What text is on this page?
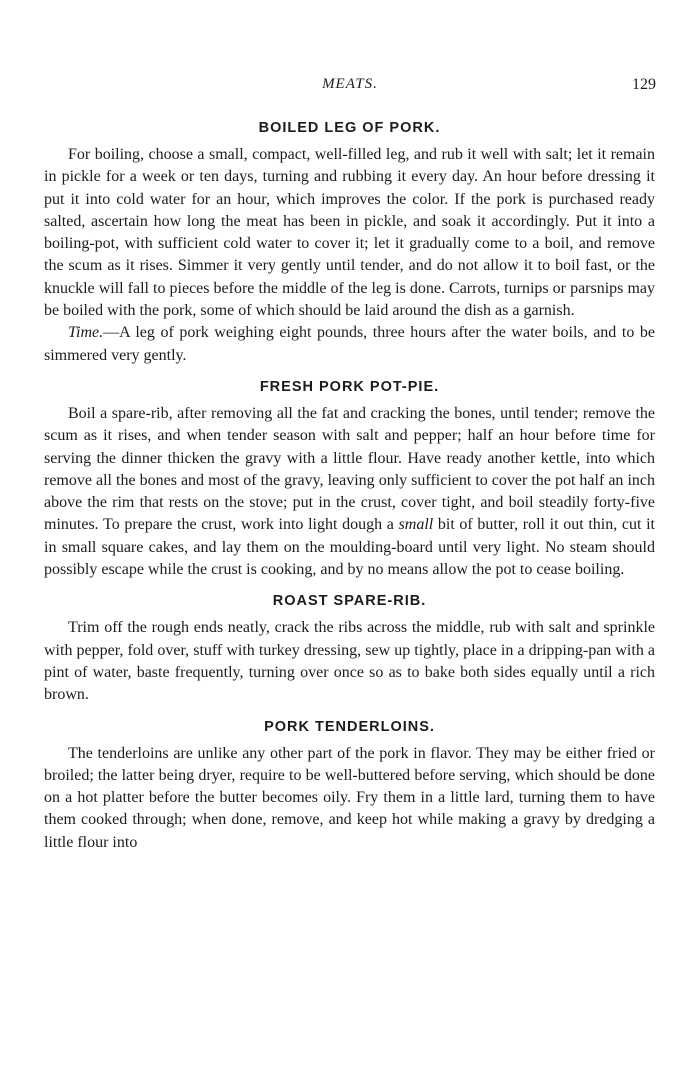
MEATS.	129
BOILED LEG OF PORK.

For boiling, choose a small, compact, well-filled leg, and rub it well with salt; let it remain in pickle for a week or ten days, turning and rubbing it every day. An hour before dressing it put it into cold water for an hour, which improves the color. If the pork is purchased ready salted, ascertain how long the meat has been in pickle, and soak it accordingly. Put it into a boiling-pot, with sufficient cold water to cover it; let it gradually come to a boil, and remove the scum as it rises. Simmer it very gently until tender, and do not allow it to boil fast, or the knuckle will fall to pieces before the middle of the leg is done. Carrots, turnips or parsnips may be boiled with the pork, some of which should be laid around the dish as a garnish.

Time.—A leg of pork weighing eight pounds, three hours after the water boils, and to be simmered very gently.

FRESH PORK POT-PIE.

Boil a spare-rib, after removing all the fat and cracking the bones, until tender; remove the scum as it rises, and when tender season with salt and pepper; half an hour before time for serving the dinner thicken the gravy with a little flour. Have ready another kettle, into which remove all the bones and most of the gravy, leaving only sufficient to cover the pot half an inch above the rim that rests on the stove; put in the crust, cover tight, and boil steadily forty-five minutes. To prepare the crust, work into light dough a small bit of butter, roll it out thin, cut it in small square cakes, and lay them on the moulding-board until very light. No steam should possibly escape while the crust is cooking, and by no means allow the pot to cease boiling.

ROAST SPARE-RIB.

Trim off the rough ends neatly, crack the ribs across the middle, rub with salt and sprinkle with pepper, fold over, stuff with turkey dressing, sew up tightly, place in a dripping-pan with a pint of water, baste frequently, turning over once so as to bake both sides equally until a rich brown.

PORK TENDERLOINS.

The tenderloins are unlike any other part of the pork in flavor. They may be either fried or broiled; the latter being dryer, require to be well-buttered before serving, which should be done on a hot platter before the butter becomes oily. Fry them in a little lard, turning them to have them cooked through; when done, remove, and keep hot while making a gravy by dredging a little flour into
